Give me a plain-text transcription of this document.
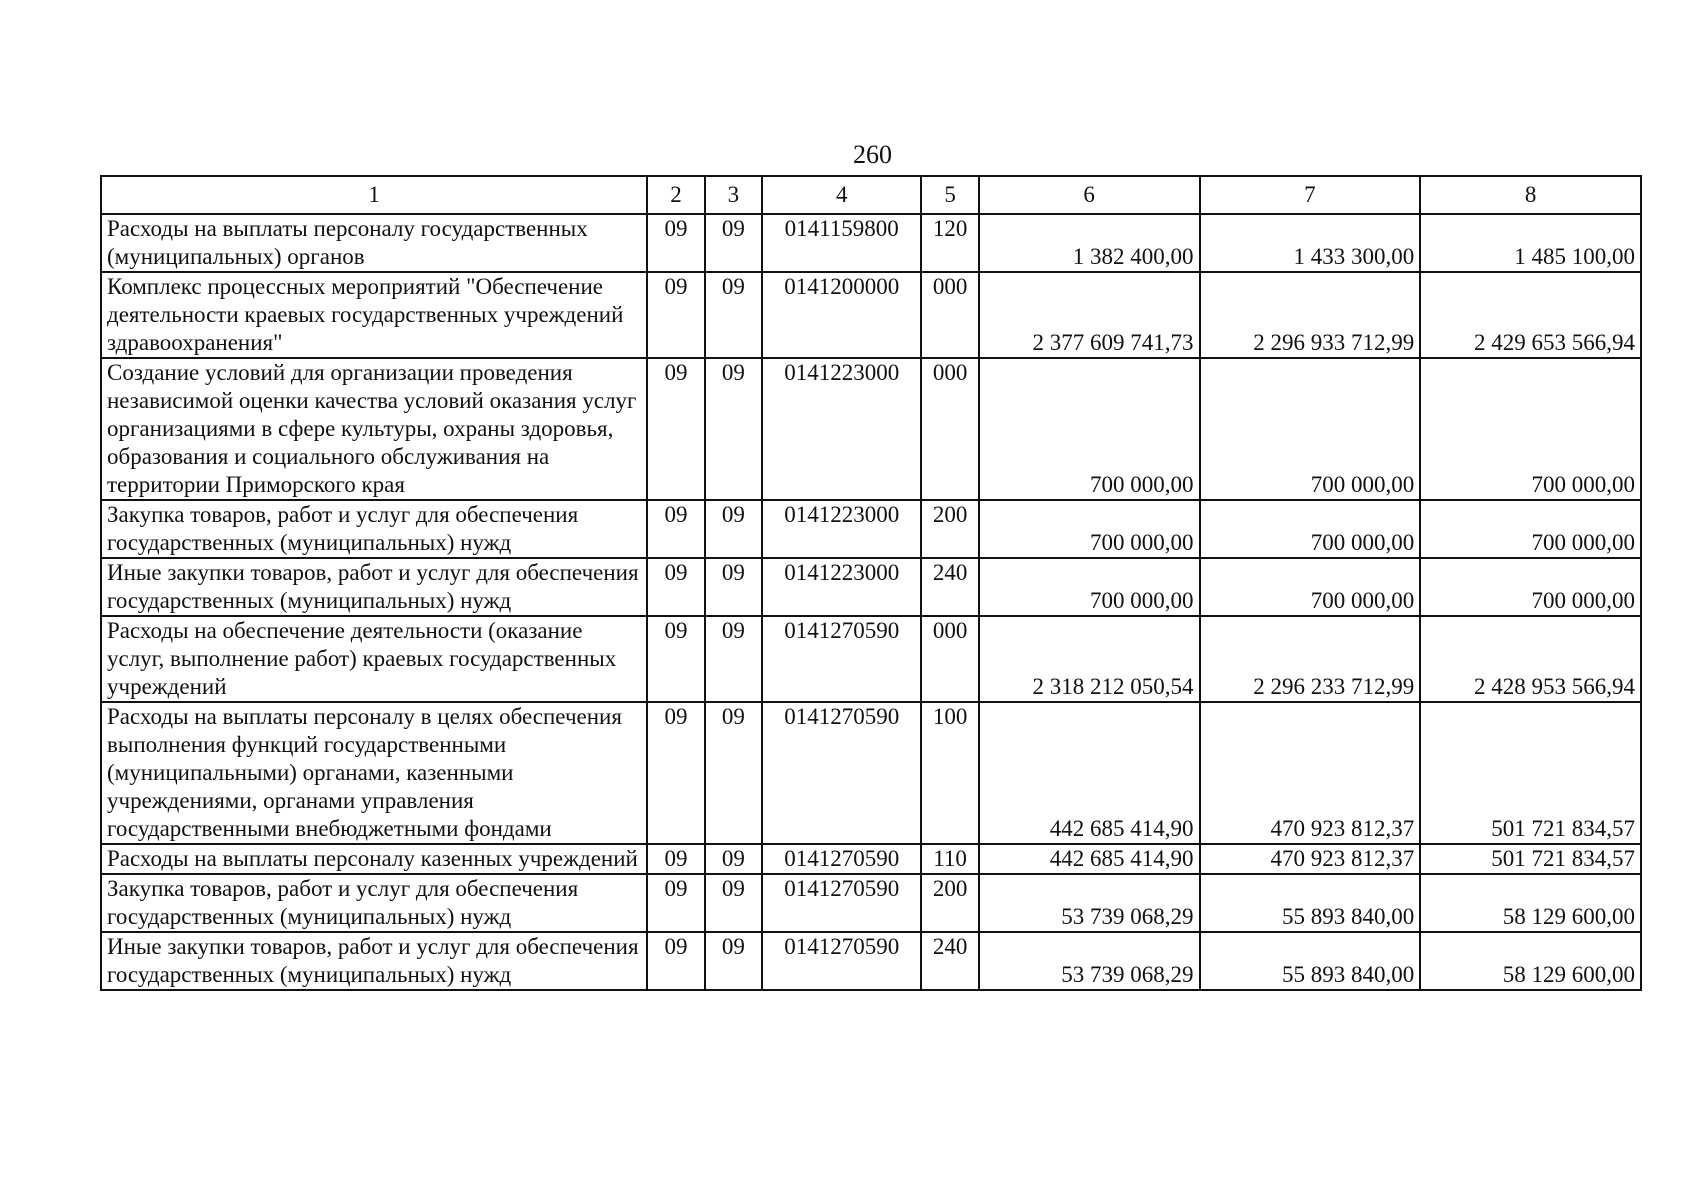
260
1	2	3	4	5	6	7	8
Расходы на выплаты персоналу государственных (муниципальных) органов	09	09	0141159800	120	1 382 400,00	1 433 300,00	1 485 100,00
Комплекс процессных мероприятий "Обеспечение деятельности краевых государственных учреждений здравоохранения"	09	09	0141200000	000	2 377 609 741,73	2 296 933 712,99	2 429 653 566,94
Создание условий для организации проведения независимой оценки качества условий оказания услуг организациями в сфере культуры, охраны здоровья, образования и социального обслуживания на территории Приморского края	09	09	0141223000	000	700 000,00	700 000,00	700 000,00
Закупка товаров, работ и услуг для обеспечения государственных (муниципальных) нужд	09	09	0141223000	200	700 000,00	700 000,00	700 000,00
Иные закупки товаров, работ и услуг для обеспечения государственных (муниципальных) нужд	09	09	0141223000	240	700 000,00	700 000,00	700 000,00
Расходы на обеспечение деятельности (оказание услуг, выполнение работ) краевых государственных учреждений	09	09	0141270590	000	2 318 212 050,54	2 296 233 712,99	2 428 953 566,94
Расходы на выплаты персоналу в целях обеспечения выполнения функций государственными (муниципальными) органами, казенными учреждениями, органами управления государственными внебюджетными фондами	09	09	0141270590	100	442 685 414,90	470 923 812,37	501 721 834,57
Расходы на выплаты персоналу казенных учреждений	09	09	0141270590	110	442 685 414,90	470 923 812,37	501 721 834,57
Закупка товаров, работ и услуг для обеспечения государственных (муниципальных) нужд	09	09	0141270590	200	53 739 068,29	55 893 840,00	58 129 600,00
Иные закупки товаров, работ и услуг для обеспечения государственных (муниципальных) нужд	09	09	0141270590	240	53 739 068,29	55 893 840,00	58 129 600,00
